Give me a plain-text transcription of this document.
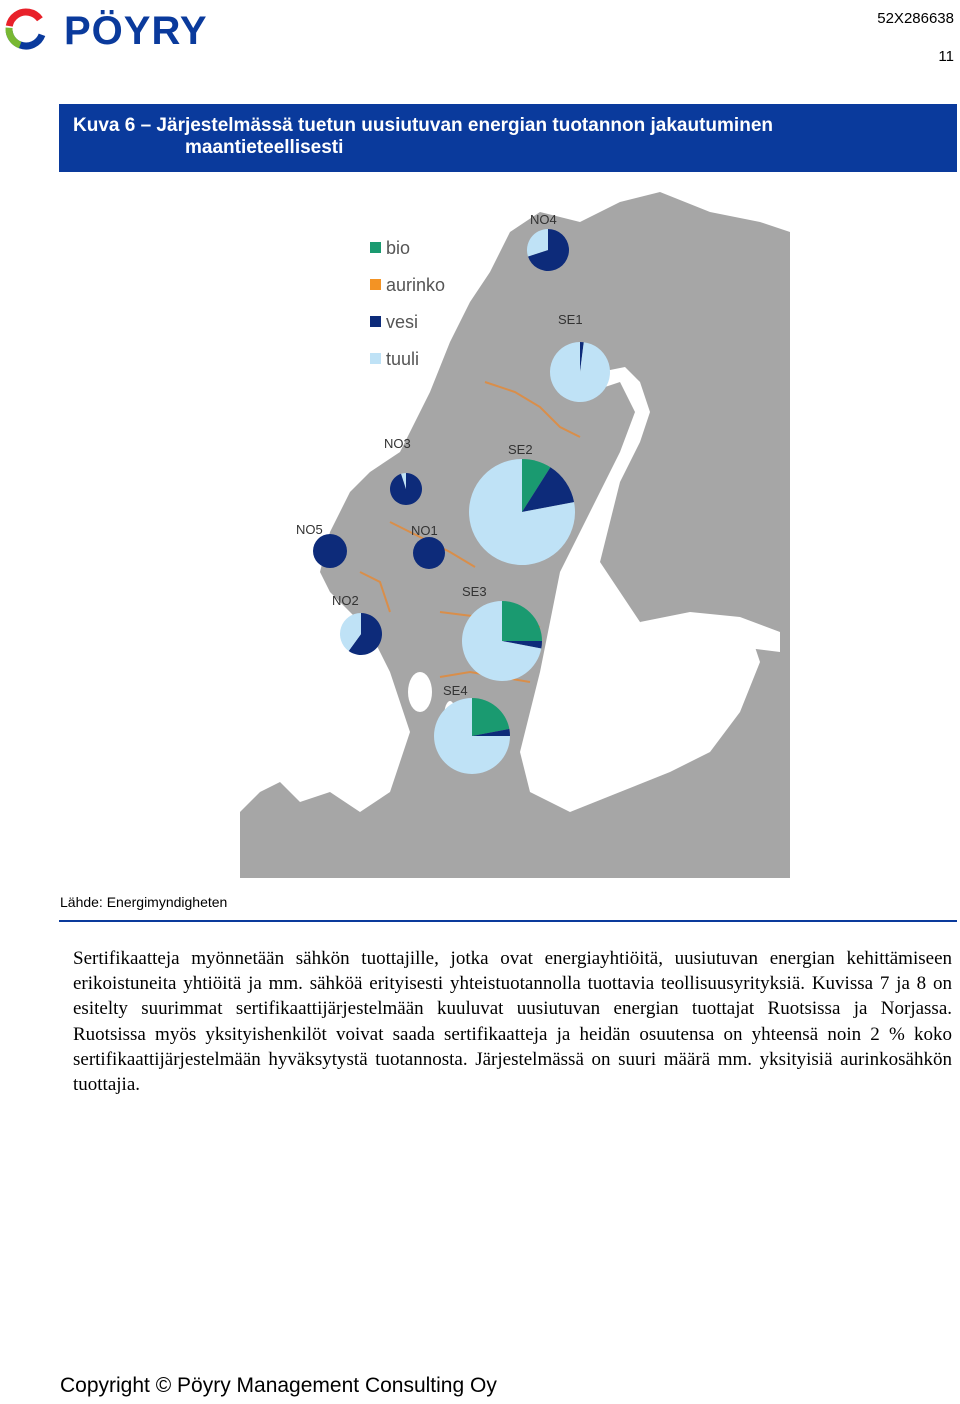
PÖYRY	52X286638
11
Kuva 6 – Järjestelmässä tuetun uusiutuvan energian tuotannon jakautuminen
maantieteellisesti
bio
aurinko
vesi
tuuli
NO4
SE1
NO3	SE2
NO5	NO1
SE3
NO2
SE4
Lähde: Energimyndigheten
Sertifikaatteja myönnetään sähkön tuottajille, jotka ovat energiayhtiöitä, uusiutuvan energian kehittämiseen erikoistuneita yhtiöitä ja mm. sähköä erityisesti yhteistuotannolla tuottavia teollisuusyrityksiä. Kuvissa 7 ja 8 on esitelty suurimmat sertifikaattijärjestelmään kuuluvat uusiutuvan energian tuottajat Ruotsissa ja Norjassa. Ruotsissa myös yksityishenkilöt voivat saada sertifikaatteja ja heidän osuutensa on yhteensä noin 2 % koko sertifikaattijärjestelmään hyväksytystä tuotannosta. Järjestelmässä on suuri määrä mm. yksityisiä aurinkosähkön tuottajia.
Copyright © Pöyry Management Consulting Oy
